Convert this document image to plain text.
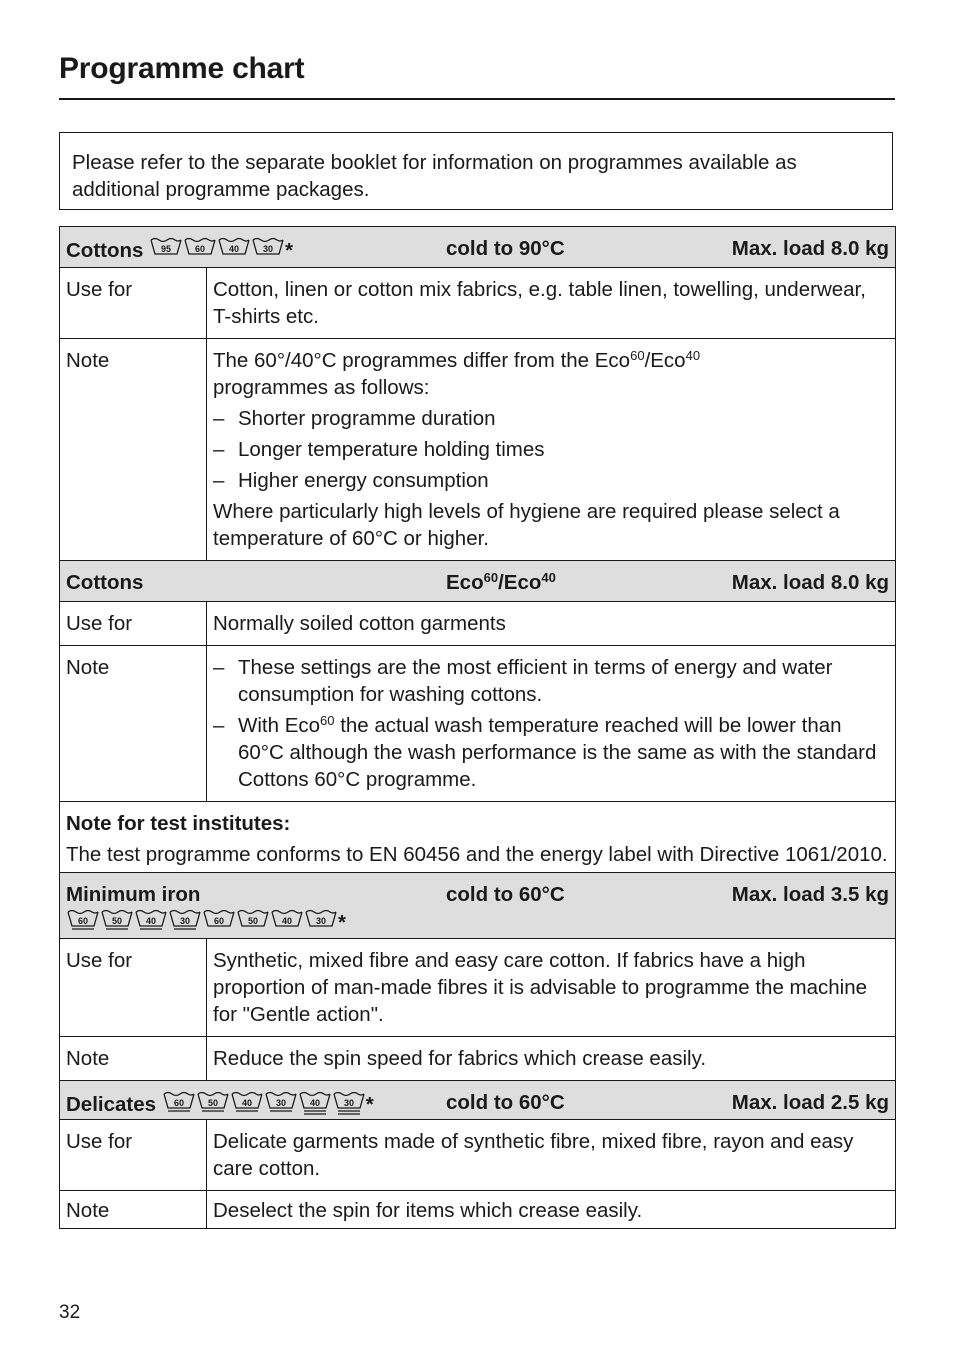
Programme chart
Please refer to the separate booklet for information on programmes available as additional programme packages.
Cottons 95	60	40	30 *	cold to 90°C	Max. load 8.0 kg
Use for	Cotton, linen or cotton mix fabrics, e.g. table linen, towelling, underwear, T-shirts etc.
Note	The 60°/40°C programmes differ from the Eco$^{60}$/Eco$^{40}$
programmes as follows:
– Shorter programme duration
– Longer temperature holding times
– Higher energy consumption
Where particularly high levels of hygiene are required please select a temperature of 60°C or higher.
Cottons	Eco$^{60}$/Eco$^{40}$	Max. load 8.0 kg
Use for	Normally soiled cotton garments
Note	– These settings are the most efficient in terms of energy and water consumption for washing cottons.
– With Eco$^{60}$ the actual wash temperature reached will be lower than 60°C although the wash performance is the same as with the standard Cottons 60°C programme.
Note for test institutes:
The test programme conforms to EN 60456 and the energy label with Directive 1061/2010.
Minimum iron	cold to 60°C	Max. load 3.5 kg
60	50	40	30	60	50	40	30 *
Use for	Synthetic, mixed fibre and easy care cotton. If fabrics have a high proportion of man-made fibres it is advisable to programme the machine for "Gentle action".
Note	Reduce the spin speed for fabrics which crease easily.
Delicates 60	50	40	30	40	30 *	cold to 60°C	Max. load 2.5 kg
Use for	Delicate garments made of synthetic fibre, mixed fibre, rayon and easy care cotton.
Note	Deselect the spin for items which crease easily.
32
